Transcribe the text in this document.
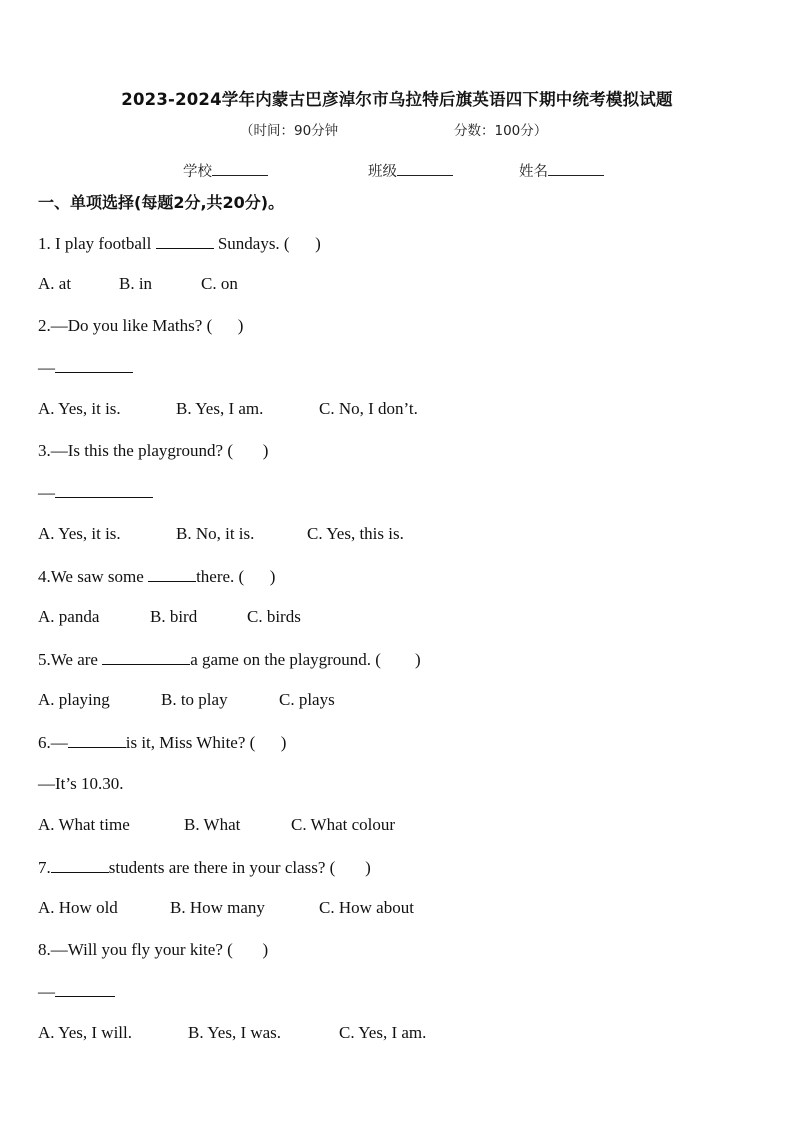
2023-2024学年内蒙古巴彦淖尔市乌拉特后旗英语四下期中统考模拟试题
（时间：90分钟	分数：100分）
学校	班级	姓名
一、单项选择(每题2分,共20分)。
1. I play football	Sundays. (      )
A. at	B. in	C. on
2.—Do you like Maths? (      )
—
A. Yes, it is.	B. Yes, I am.	C. No, I don’t.
3.—Is this the playground? (       )
—
A. Yes, it is.	B. No, it is.	C. Yes, this is.
4.We saw some	there. (      )
A. panda	B. bird	C. birds
5.We are	a game on the playground. (        )
A. playing	B. to play	C. plays
6.—	is it, Miss White? (      )
—It’s 10.30.
A. What time	B. What	C. What colour
7.	students are there in your class? (       )
A. How old	B. How many	C. How about
8.—Will you fly your kite? (       )
—
A. Yes, I will.	B. Yes, I was.	C. Yes, I am.
